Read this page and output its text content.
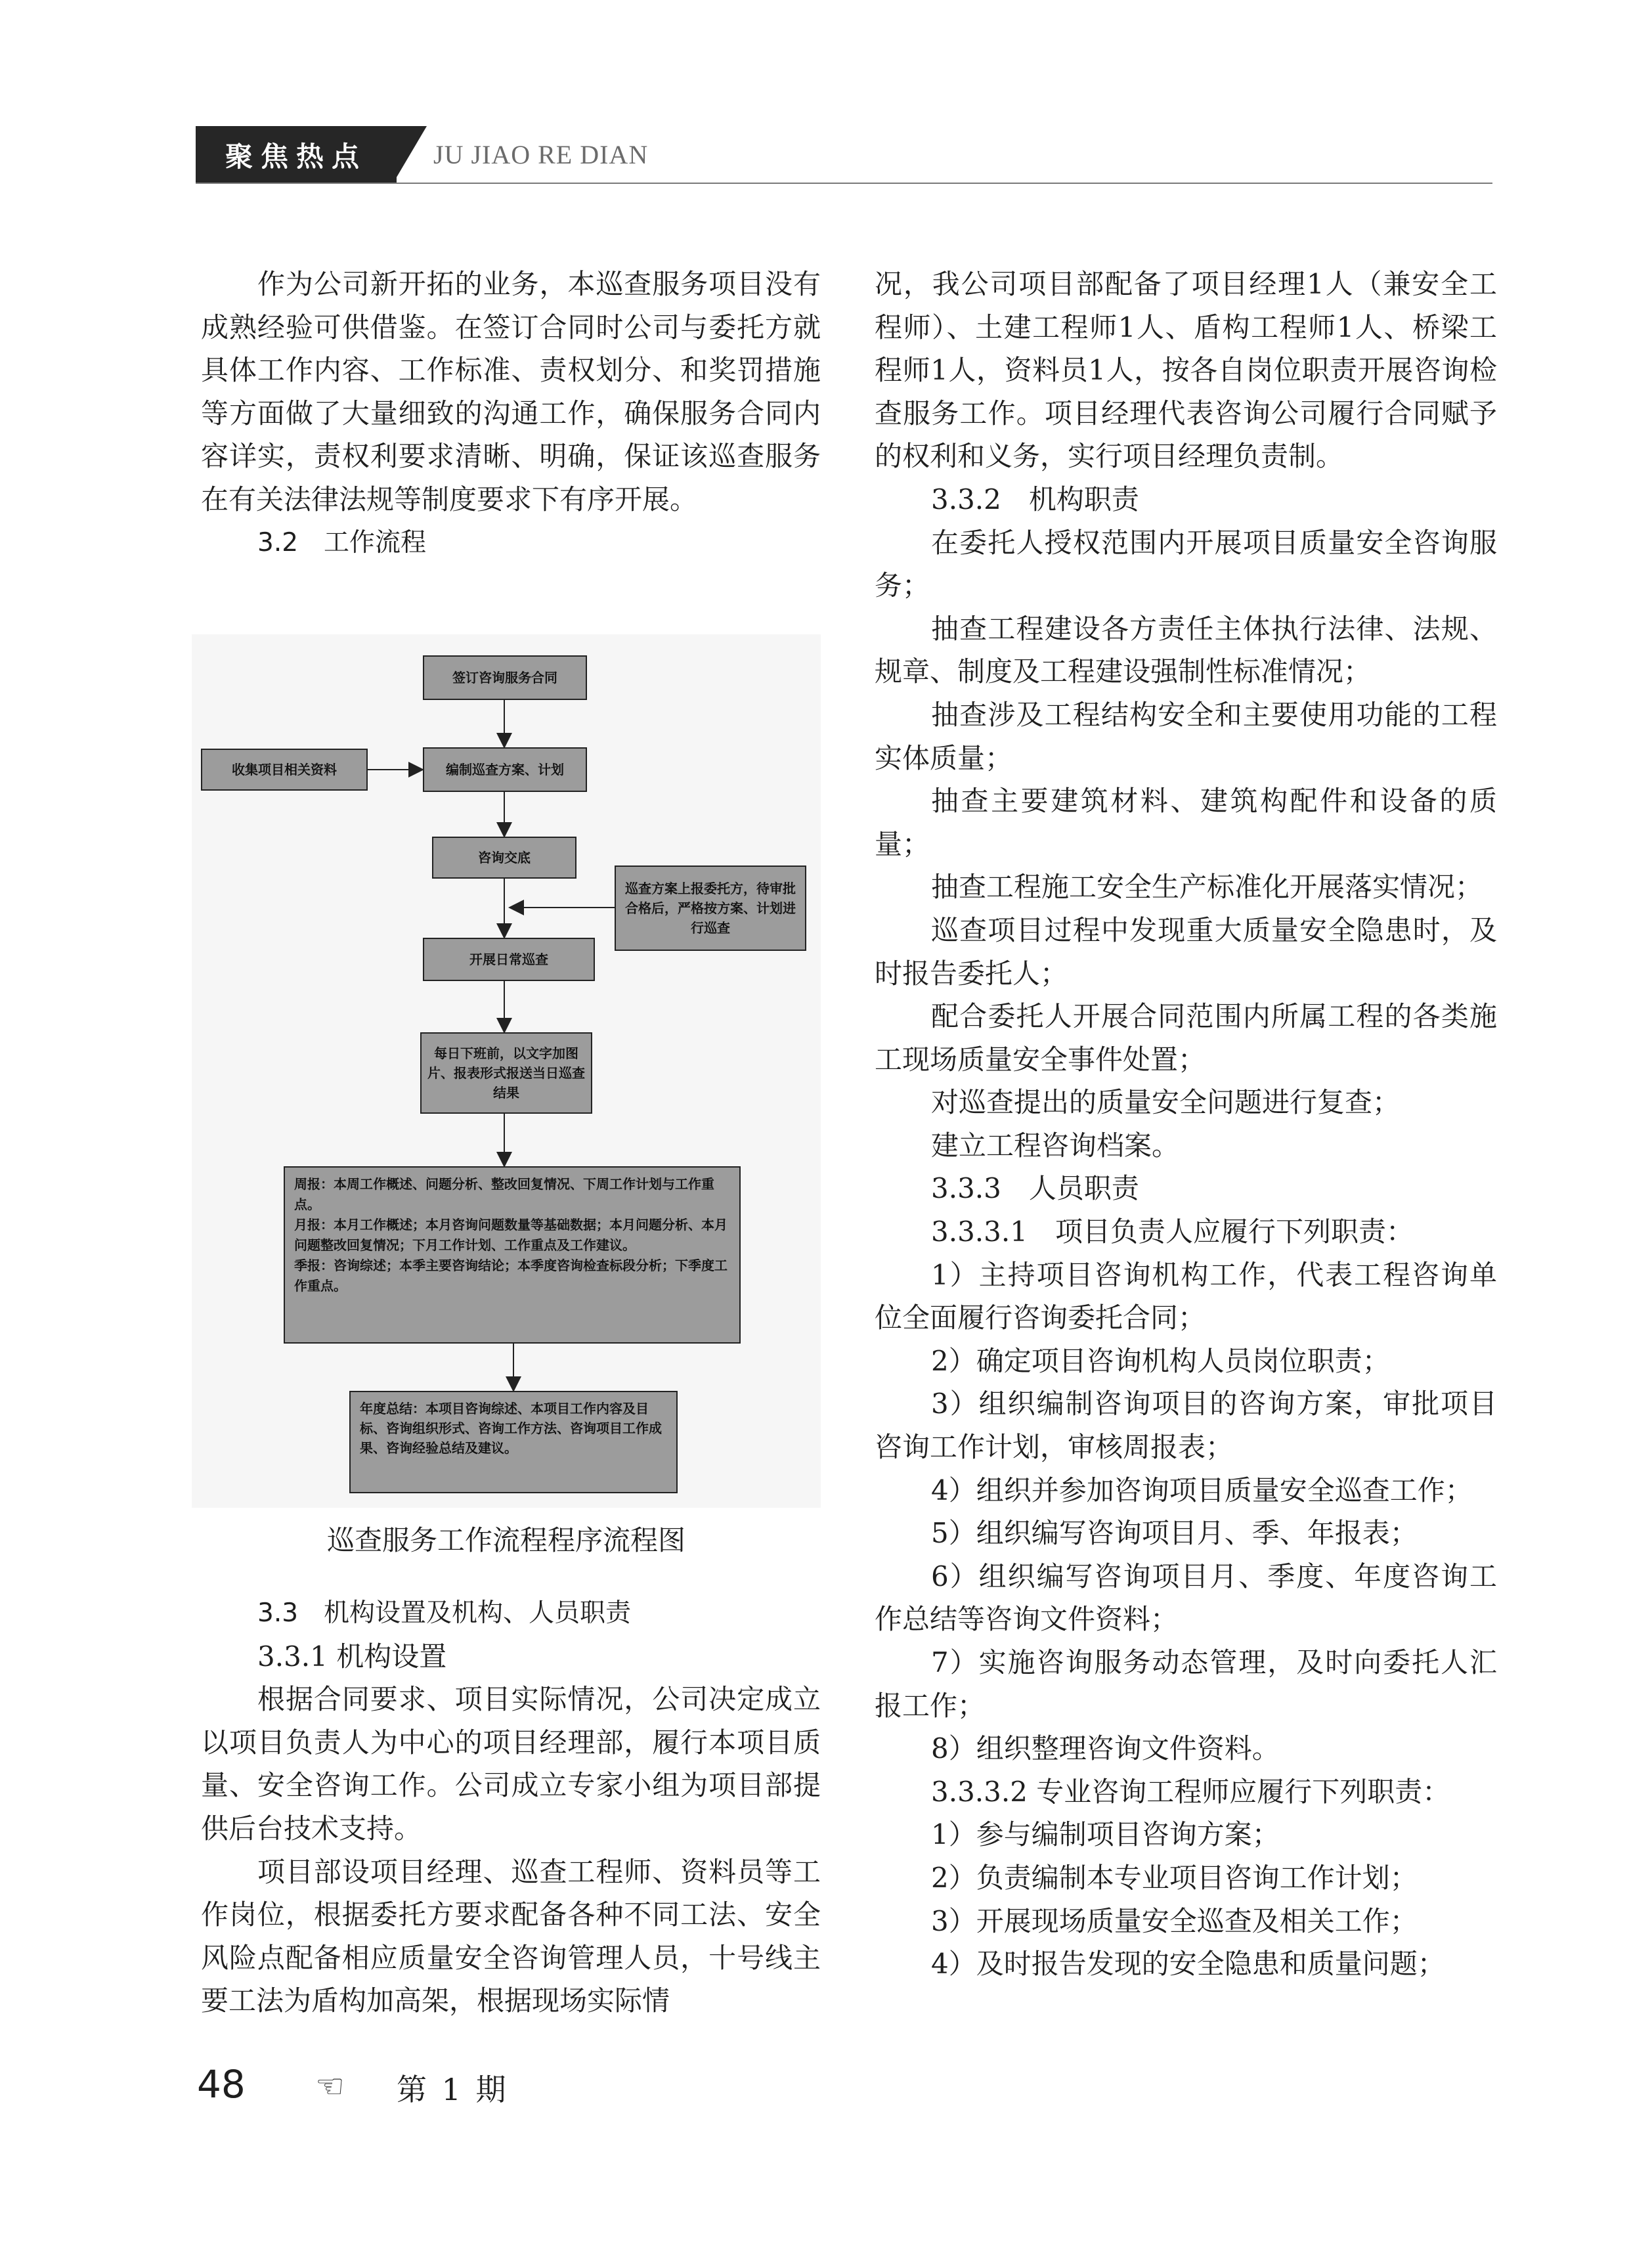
聚焦热点	JU JIAO RE DIAN

作为公司新开拓的业务，本巡查服务项目没有成熟经验可供借鉴。在签订合同时公司与委托方就具体工作内容、工作标准、责权划分、和奖罚措施等方面做了大量细致的沟通工作，确保服务合同内容详实，责权利要求清晰、明确，保证该巡查服务在有关法律法规等制度要求下有序开展。

3.2　工作流程

签订咨询服务合同
收集项目相关资料	编制巡查方案、计划
咨询交底
巡查方案上报委托方，待审批合格后，严格按方案、计划进行巡查
开展日常巡查
每日下班前，以文字加图片、报表形式报送当日巡查结果
周报：本周工作概述、问题分析、整改回复情况、下周工作计划与工作重点。
月报：本月工作概述；本月咨询问题数量等基础数据；本月问题分析、本月问题整改回复情况；下月工作计划、工作重点及工作建议。
季报：咨询综述；本季主要咨询结论；本季度咨询检查标段分析；下季度工作重点。
年度总结：本项目咨询综述、本项目工作内容及目标、咨询组织形式、咨询工作方法、咨询项目工作成果、咨询经验总结及建议。
巡查服务工作流程程序流程图

3.3　机构设置及机构、人员职责

3.3.1 机构设置

根据合同要求、项目实际情况，公司决定成立以项目负责人为中心的项目经理部，履行本项目质量、安全咨询工作。公司成立专家小组为项目部提供后台技术支持。

项目部设项目经理、巡查工程师、资料员等工作岗位，根据委托方要求配备各种不同工法、安全风险点配备相应质量安全咨询管理人员，十号线主要工法为盾构加高架，根据现场实际情

况，我公司项目部配备了项目经理1人（兼安全工程师）、土建工程师1人、盾构工程师1人、桥梁工程师1人，资料员1人，按各自岗位职责开展咨询检查服务工作。项目经理代表咨询公司履行合同赋予的权利和义务，实行项目经理负责制。

3.3.2　机构职责

在委托人授权范围内开展项目质量安全咨询服务；

抽查工程建设各方责任主体执行法律、法规、规章、制度及工程建设强制性标准情况；

抽查涉及工程结构安全和主要使用功能的工程实体质量；

抽查主要建筑材料、建筑构配件和设备的质量；

抽查工程施工安全生产标准化开展落实情况；

巡查项目过程中发现重大质量安全隐患时，及时报告委托人；

配合委托人开展合同范围内所属工程的各类施工现场质量安全事件处置；

对巡查提出的质量安全问题进行复查；

建立工程咨询档案。

3.3.3　人员职责

3.3.3.1　项目负责人应履行下列职责：

1）主持项目咨询机构工作，代表工程咨询单位全面履行咨询委托合同；

2）确定项目咨询机构人员岗位职责；

3）组织编制咨询项目的咨询方案，审批项目咨询工作计划，审核周报表；

4）组织并参加咨询项目质量安全巡查工作；

5）组织编写咨询项目月、季、年报表；

6）组织编写咨询项目月、季度、年度咨询工作总结等咨询文件资料；

7）实施咨询服务动态管理，及时向委托人汇报工作；

8）组织整理咨询文件资料。

3.3.3.2 专业咨询工程师应履行下列职责：

1）参与编制项目咨询方案；

2）负责编制本专业项目咨询工作计划；

3）开展现场质量安全巡查及相关工作；

4）及时报告发现的安全隐患和质量问题；

48 ☜ 第 1 期
